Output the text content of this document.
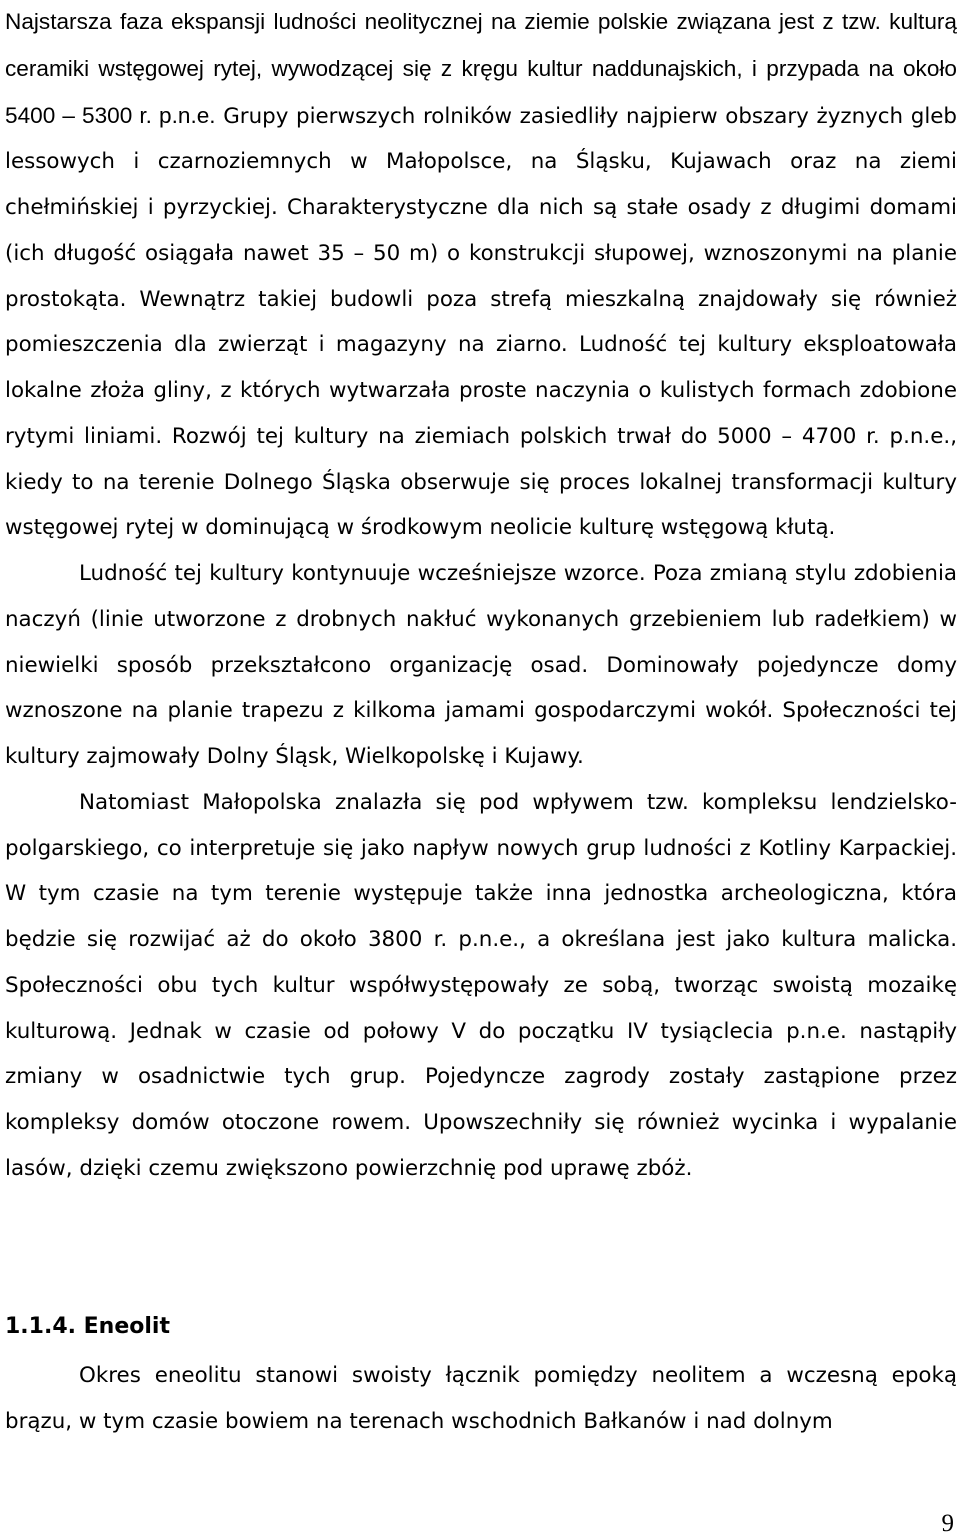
Najstarsza faza ekspansji ludności neolitycznej na ziemie polskie związana jest z tzw. kulturą ceramiki wstęgowej rytej, wywodzącej się z kręgu kultur naddunajskich, i przypada na około 5400 – 5300 r. p.n.e. Grupy pierwszych rolników zasiedliły najpierw obszary żyznych gleb lessowych i czarnoziemnych w Małopolsce, na Śląsku, Kujawach oraz na ziemi chełmińskiej i pyrzyckiej. Charakterystyczne dla nich są stałe osady z długimi domami (ich długość osiągała nawet 35 – 50 m) o konstrukcji słupowej, wznoszonymi na planie prostokąta. Wewnątrz takiej budowli poza strefą mieszkalną znajdowały się również pomieszczenia dla zwierząt i magazyny na ziarno. Ludność tej kultury eksploatowała lokalne złoża gliny, z których wytwarzała proste naczynia o kulistych formach zdobione rytymi liniami. Rozwój tej kultury na ziemiach polskich trwał do 5000 – 4700 r. p.n.e., kiedy to na terenie Dolnego Śląska obserwuje się proces lokalnej transformacji kultury wstęgowej rytej w dominującą w środkowym neolicie kulturę wstęgową kłutą.

Ludność tej kultury kontynuuje wcześniejsze wzorce. Poza zmianą stylu zdobienia naczyń (linie utworzone z drobnych nakłuć wykonanych grzebieniem lub radełkiem) w niewielki sposób przekształcono organizację osad. Dominowały pojedyncze domy wznoszone na planie trapezu z kilkoma jamami gospodarczymi wokół. Społeczności tej kultury zajmowały Dolny Śląsk, Wielkopolskę i Kujawy.

Natomiast Małopolska znalazła się pod wpływem tzw. kompleksu lendzielsko-polgarskiego, co interpretuje się jako napływ nowych grup ludności z Kotliny Karpackiej. W tym czasie na tym terenie występuje także inna jednostka archeologiczna, która będzie się rozwijać aż do około 3800 r. p.n.e., a określana jest jako kultura malicka. Społeczności obu tych kultur współwystępowały ze sobą, tworząc swoistą mozaikę kulturową. Jednak w czasie od połowy V do początku IV tysiąclecia p.n.e. nastąpiły zmiany w osadnictwie tych grup. Pojedyncze zagrody zostały zastąpione przez kompleksy domów otoczone rowem. Upowszechniły się również wycinka i wypalanie lasów, dzięki czemu zwiększono powierzchnię pod uprawę zbóż.

1.1.4. Eneolit

Okres eneolitu stanowi swoisty łącznik pomiędzy neolitem a wczesną epoką brązu, w tym czasie bowiem na terenach wschodnich Bałkanów i nad dolnym

9
